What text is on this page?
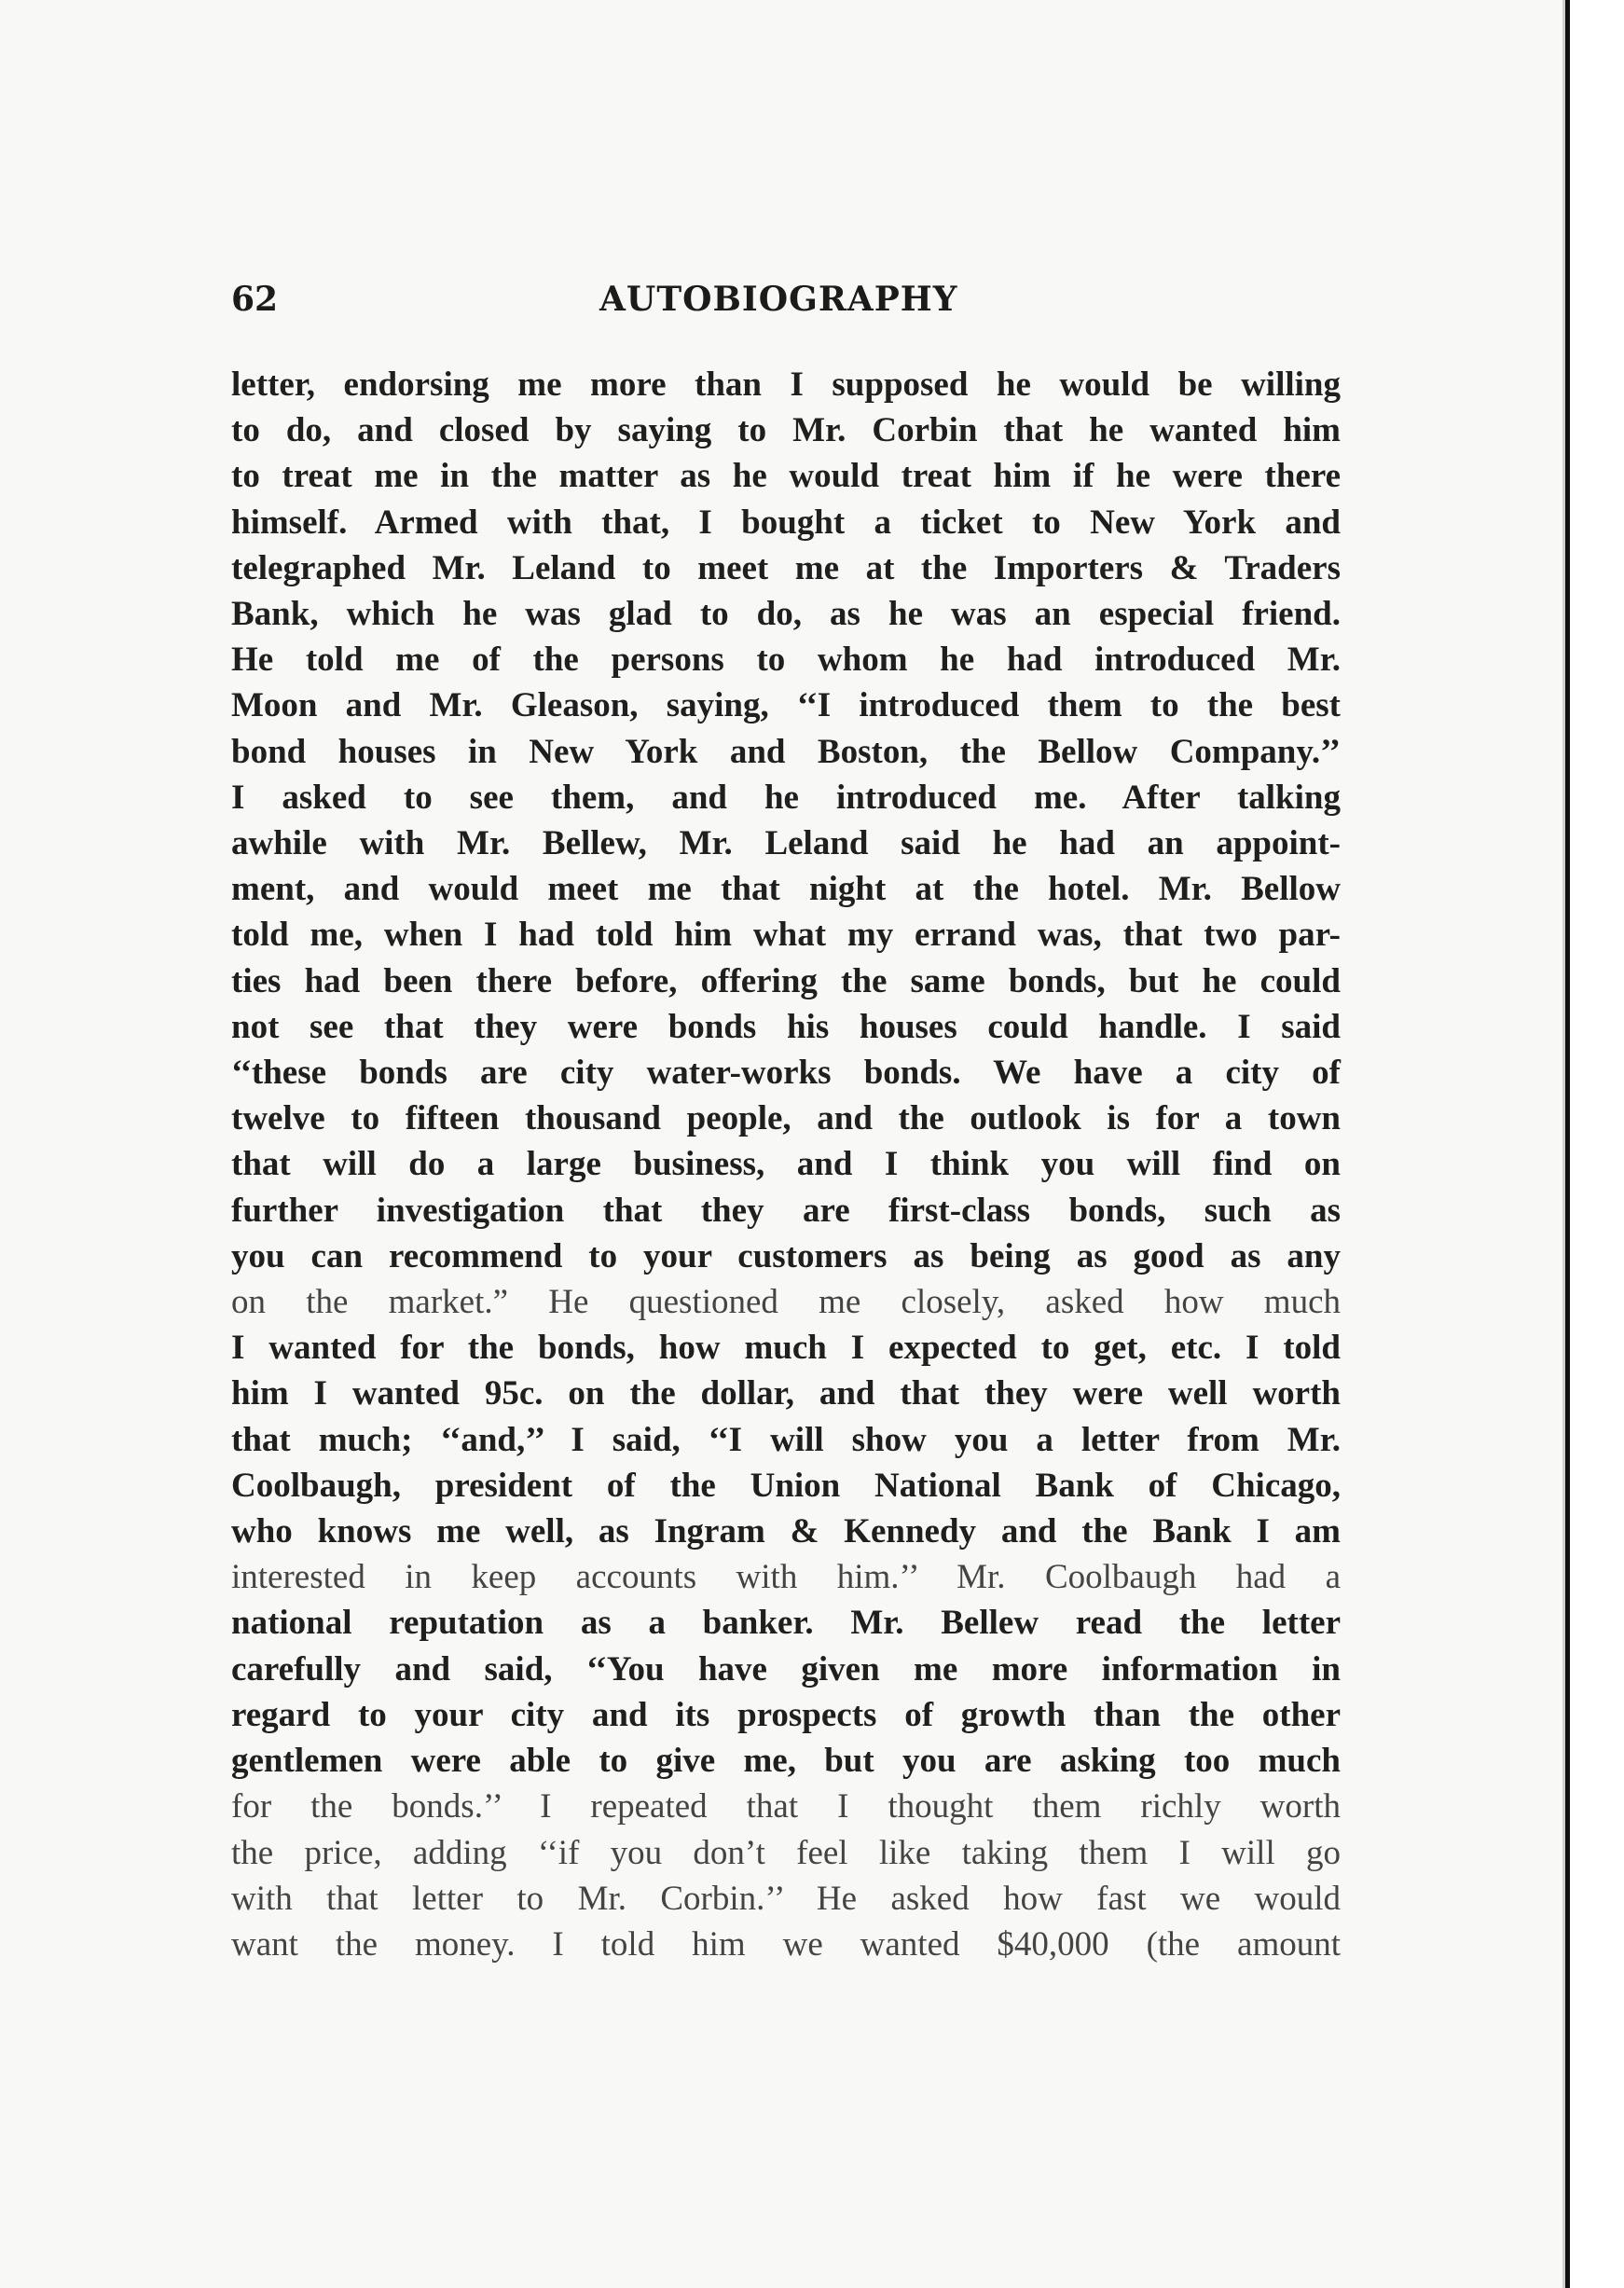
62	AUTOBIOGRAPHY
letter, endorsing me more than I supposed he would be willing
to do, and closed by saying to Mr. Corbin that he wanted him
to treat me in the matter as he would treat him if he were there
himself. Armed with that, I bought a ticket to New York and
telegraphed Mr. Leland to meet me at the Importers & Traders
Bank, which he was glad to do, as he was an especial friend.
He told me of the persons to whom he had introduced Mr.
Moon and Mr. Gleason, saying, ‘‘I introduced them to the best
bond houses in New York and Boston, the Bellow Company.’’
I asked to see them, and he introduced me. After talking
awhile with Mr. Bellew, Mr. Leland said he had an appoint-
ment, and would meet me that night at the hotel. Mr. Bellow
told me, when I had told him what my errand was, that two par-
ties had been there before, offering the same bonds, but he could
not see that they were bonds his houses could handle. I said
‘‘these bonds are city water-works bonds. We have a city of
twelve to fifteen thousand people, and the outlook is for a town
that will do a large business, and I think you will find on
further investigation that they are first-class bonds, such as
you can recommend to your customers as being as good as any
on the market.” He questioned me closely, asked how much
I wanted for the bonds, how much I expected to get, etc. I told
him I wanted 95c. on the dollar, and that they were well worth
that much; ‘‘and,’’ I said, ‘‘I will show you a letter from Mr.
Coolbaugh, president of the Union National Bank of Chicago,
who knows me well, as Ingram & Kennedy and the Bank I am
interested in keep accounts with him.’’ Mr. Coolbaugh had a
national reputation as a banker. Mr. Bellew read the letter
carefully and said, ‘‘You have given me more information in
regard to your city and its prospects of growth than the other
gentlemen were able to give me, but you are asking too much
for the bonds.’’ I repeated that I thought them richly worth
the price, adding ‘‘if you don’t feel like taking them I will go
with that letter to Mr. Corbin.’’ He asked how fast we would
want the money. I told him we wanted $40,000 (the amount
